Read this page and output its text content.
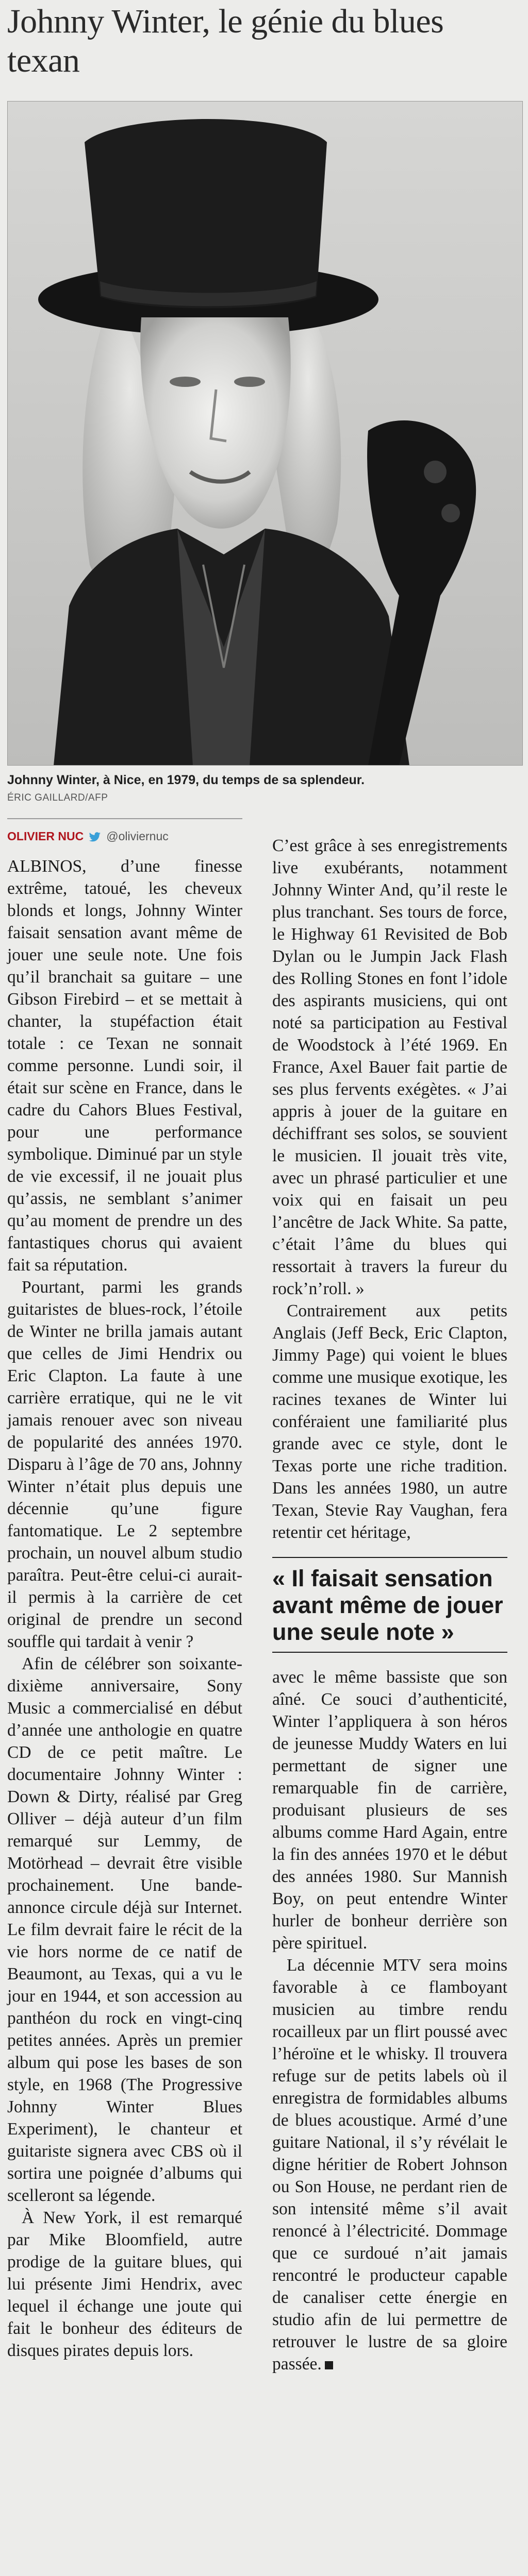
Johnny Winter, le génie du blues texan
Johnny Winter, à Nice, en 1979, du temps de sa splendeur.
ÉRIC GAILLARD/AFP
OLIVIER NUC @oliviernuc

ALBINOS, d’une finesse extrême, tatoué, les cheveux blonds et longs, Johnny Winter faisait sensation avant même de jouer une seule note. Une fois qu’il branchait sa guitare – une Gibson Firebird – et se mettait à chanter, la stupéfaction était totale : ce Texan ne sonnait comme personne. Lundi soir, il était sur scène en France, dans le cadre du Cahors Blues Festival, pour une performance symbolique. Diminué par un style de vie excessif, il ne jouait plus qu’assis, ne semblant s’animer qu’au moment de prendre un des fantastiques chorus qui avaient fait sa réputation.

Pourtant, parmi les grands guitaristes de blues-rock, l’étoile de Winter ne brilla jamais autant que celles de Jimi Hendrix ou Eric Clapton. La faute à une carrière erratique, qui ne le vit jamais renouer avec son niveau de popularité des années 1970. Disparu à l’âge de 70 ans, Johnny Winter n’était plus depuis une décennie qu’une figure fantomatique. Le 2 septembre prochain, un nouvel album studio paraîtra. Peut-être celui-ci aurait-il permis à la carrière de cet original de prendre un second souffle qui tardait à venir ?

Afin de célébrer son soixante-dixième anniversaire, Sony Music a commercialisé en début d’année une anthologie en quatre CD de ce petit maître. Le documentaire Johnny Winter : Down & Dirty, réalisé par Greg Olliver – déjà auteur d’un film remarqué sur Lemmy, de Motörhead – devrait être visible prochainement. Une bande-annonce circule déjà sur Internet. Le film devrait faire le récit de la vie hors norme de ce natif de Beaumont, au Texas, qui a vu le jour en 1944, et son accession au panthéon du rock en vingt-cinq petites années. Après un premier album qui pose les bases de son style, en 1968 (The Progressive Johnny Winter Blues Experiment), le chanteur et guitariste signera avec CBS où il sortira une poignée d’albums qui scelleront sa légende.

À New York, il est remarqué par Mike Bloomfield, autre prodige de la guitare blues, qui lui présente Jimi Hendrix, avec lequel il échange une joute qui fait le bonheur des éditeurs de disques pirates depuis lors.

C’est grâce à ses enregistrements live exubérants, notamment Johnny Winter And, qu’il reste le plus tranchant. Ses tours de force, le Highway 61 Revisited de Bob Dylan ou le Jumpin Jack Flash des Rolling Stones en font l’idole des aspirants musiciens, qui ont noté sa participation au Festival de Woodstock à l’été 1969. En France, Axel Bauer fait partie de ses plus fervents exégètes. « J’ai appris à jouer de la guitare en déchiffrant ses solos, se souvient le musicien. Il jouait très vite, avec un phrasé particulier et une voix qui en faisait un peu l’ancêtre de Jack White. Sa patte, c’était l’âme du blues qui ressortait à travers la fureur du rock’n’roll. »

Contrairement aux petits Anglais (Jeff Beck, Eric Clapton, Jimmy Page) qui voient le blues comme une musique exotique, les racines texanes de Winter lui conféraient une familiarité plus grande avec ce style, dont le Texas porte une riche tradition. Dans les années 1980, un autre Texan, Stevie Ray Vaughan, fera retentir cet héritage,

« Il faisait sensation avant même de jouer une seule note »

avec le même bassiste que son aîné. Ce souci d’authenticité, Winter l’appliquera à son héros de jeunesse Muddy Waters en lui permettant de signer une remarquable fin de carrière, produisant plusieurs de ses albums comme Hard Again, entre la fin des années 1970 et le début des années 1980. Sur Mannish Boy, on peut entendre Winter hurler de bonheur derrière son père spirituel.

La décennie MTV sera moins favorable à ce flamboyant musicien au timbre rendu rocailleux par un flirt poussé avec l’héroïne et le whisky. Il trouvera refuge sur de petits labels où il enregistra de formidables albums de blues acoustique. Armé d’une guitare National, il s’y révélait le digne héritier de Robert Johnson ou Son House, ne perdant rien de son intensité même s’il avait renoncé à l’électricité. Dommage que ce surdoué n’ait jamais rencontré le producteur capable de canaliser cette énergie en studio afin de lui permettre de retrouver le lustre de sa gloire passée.
